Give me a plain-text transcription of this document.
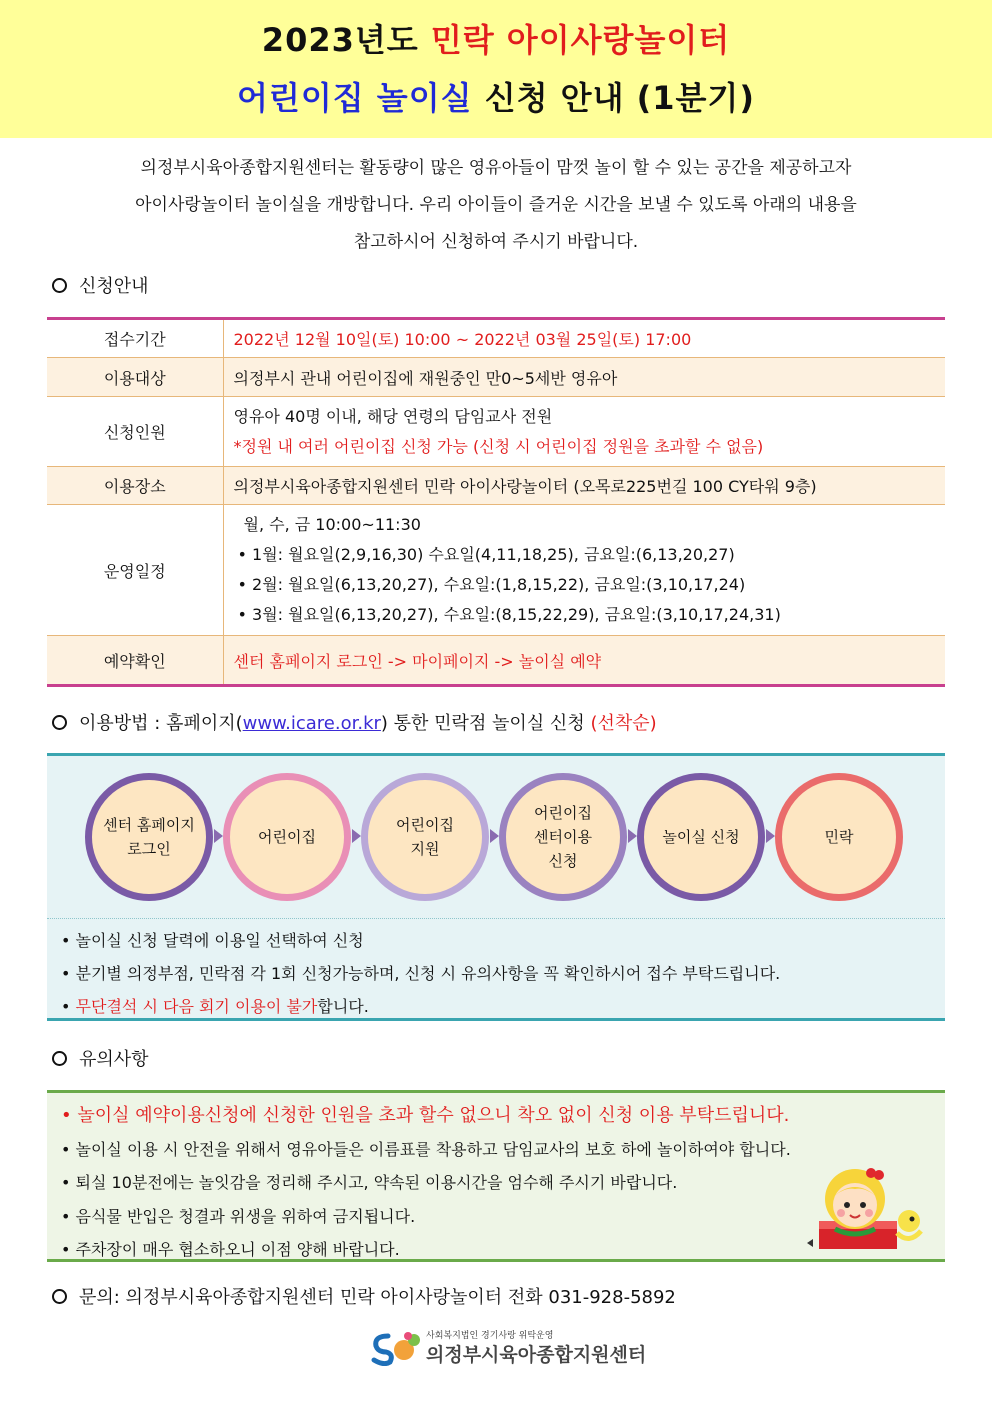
2023년도 민락 아이사랑놀이터
어린이집 놀이실 신청 안내 (1분기)

의정부시육아종합지원센터는 활동량이 많은 영유아들이 맘껏 놀이 할 수 있는 공간을 제공하고자

아이사랑놀이터 놀이실을 개방합니다. 우리 아이들이 즐거운 시간을 보낼 수 있도록 아래의 내용을

참고하시어 신청하여 주시기 바랍니다.

신청안내
접수기간	2022년 12월 10일(토) 10:00 ~ 2022년 03월 25일(토) 17:00
이용대상	의정부시 관내 어린이집에 재원중인 만0~5세반 영유아
신청인원	영유아 40명 이내, 해당 연령의 담임교사 전원
*정원 내 여러 어린이집 신청 가능 (신청 시 어린이집 정원을 초과할 수 없음)

이용장소	의정부시육아종합지원센터 민락 아이사랑놀이터 (오목로225번길 100 CY타워 9층)
운영일정	월, 수, 금 10:00~11:30
• 1월: 월요일(2,9,16,30) 수요일(4,11,18,25), 금요일:(6,13,20,27)
• 2월: 월요일(6,13,20,27), 수요일:(1,8,15,22), 금요일:(3,10,17,24)
• 3월: 월요일(6,13,20,27), 수요일:(8,15,22,29), 금요일:(3,10,17,24,31)

예약확인	센터 홈페이지 로그인 -> 마이페이지 -> 놀이실 예약
이용방법 : 홈페이지(www.icare.or.kr) 통한 민락점 놀이실 신청 (선착순)
센터 홈페이지
로그인
어린이집
어린이집
지원
어린이집
센터이용
신청
놀이실 신청	민락
• 놀이실 신청 달력에 이용일 선택하여 신청
• 분기별 의정부점, 민락점 각 1회 신청가능하며, 신청 시 유의사항을 꼭 확인하시어 접수 부탁드립니다.
• 무단결석 시 다음 회기 이용이 불가합니다.
유의사항
• 놀이실 예약이용신청에 신청한 인원을 초과 할수 없으니 착오 없이 신청 이용 부탁드립니다.
• 놀이실 이용 시 안전을 위해서 영유아들은 이름표를 착용하고 담임교사의 보호 하에 놀이하여야 합니다.
• 퇴실 10분전에는 놀잇감을 정리해 주시고, 약속된 이용시간을 엄수해 주시기 바랍니다.
• 음식물 반입은 청결과 위생을 위하여 금지됩니다.
• 주차장이 매우 협소하오니 이점 양해 바랍니다.
문의: 의정부시육아종합지원센터 민락 아이사랑놀이터 전화 031-928-5892
사회복지법인 경기사랑 위탁운영
의정부시육아종합지원센터
